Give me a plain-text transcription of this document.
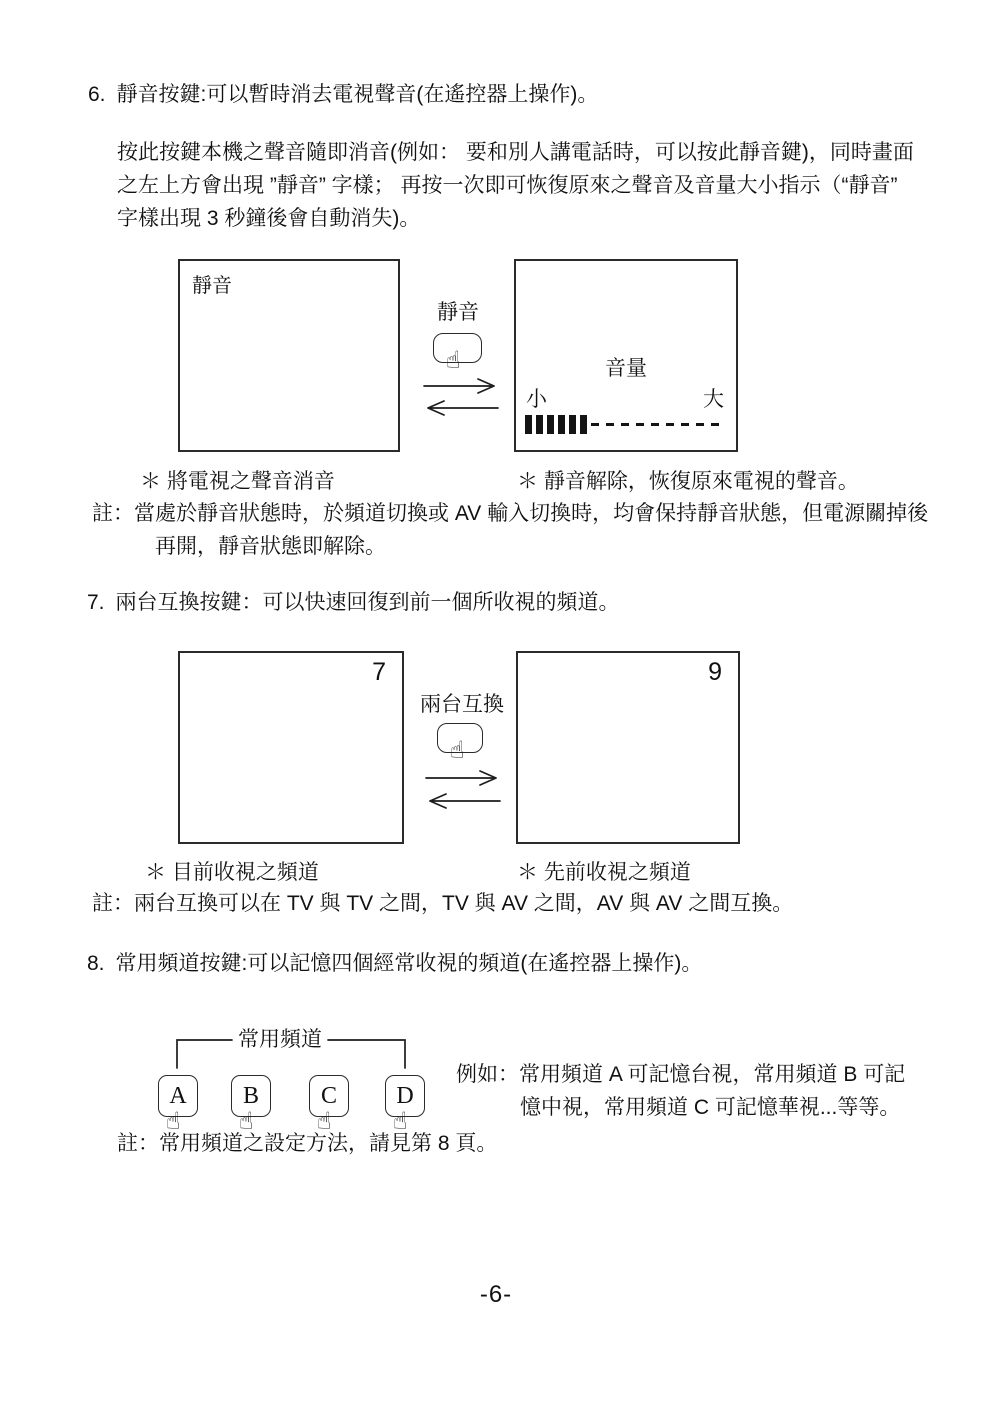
6. 靜音按鍵:可以暫時消去電視聲音(在遙控器上操作)。
按此按鍵本機之聲音隨即消音(例如： 要和別人講電話時，可以按此靜音鍵)，同時畫面
之左上方會出現 ”靜音” 字樣； 再按一次即可恢復原來之聲音及音量大小指示（“靜音”
字樣出現 3 秒鐘後會自動消失)。
靜音
靜音
☝	音量
小	大
＊ 將電視之聲音消音	＊ 靜音解除，恢復原來電視的聲音。
註：當處於靜音狀態時，於頻道切換或 AV 輸入切換時，均會保持靜音狀態，但電源關掉後
再開，靜音狀態即解除。
7. 兩台互換按鍵：可以快速回復到前一個所收視的頻道。
7
兩台互換
☝
9
＊ 目前收視之頻道	＊ 先前收視之頻道
註：兩台互換可以在 TV 與 TV 之間，TV 與 AV 之間，AV 與 AV 之間互換。
8. 常用頻道按鍵:可以記憶四個經常收視的頻道(在遙控器上操作)。
常用頻道
A
☝
B
☝
C
☝
D
☝
例如：常用頻道 A 可記憶台視，常用頻道 B 可記
憶中視，常用頻道 C 可記憶華視...等等。
註：常用頻道之設定方法，請見第 8 頁。
-6-
